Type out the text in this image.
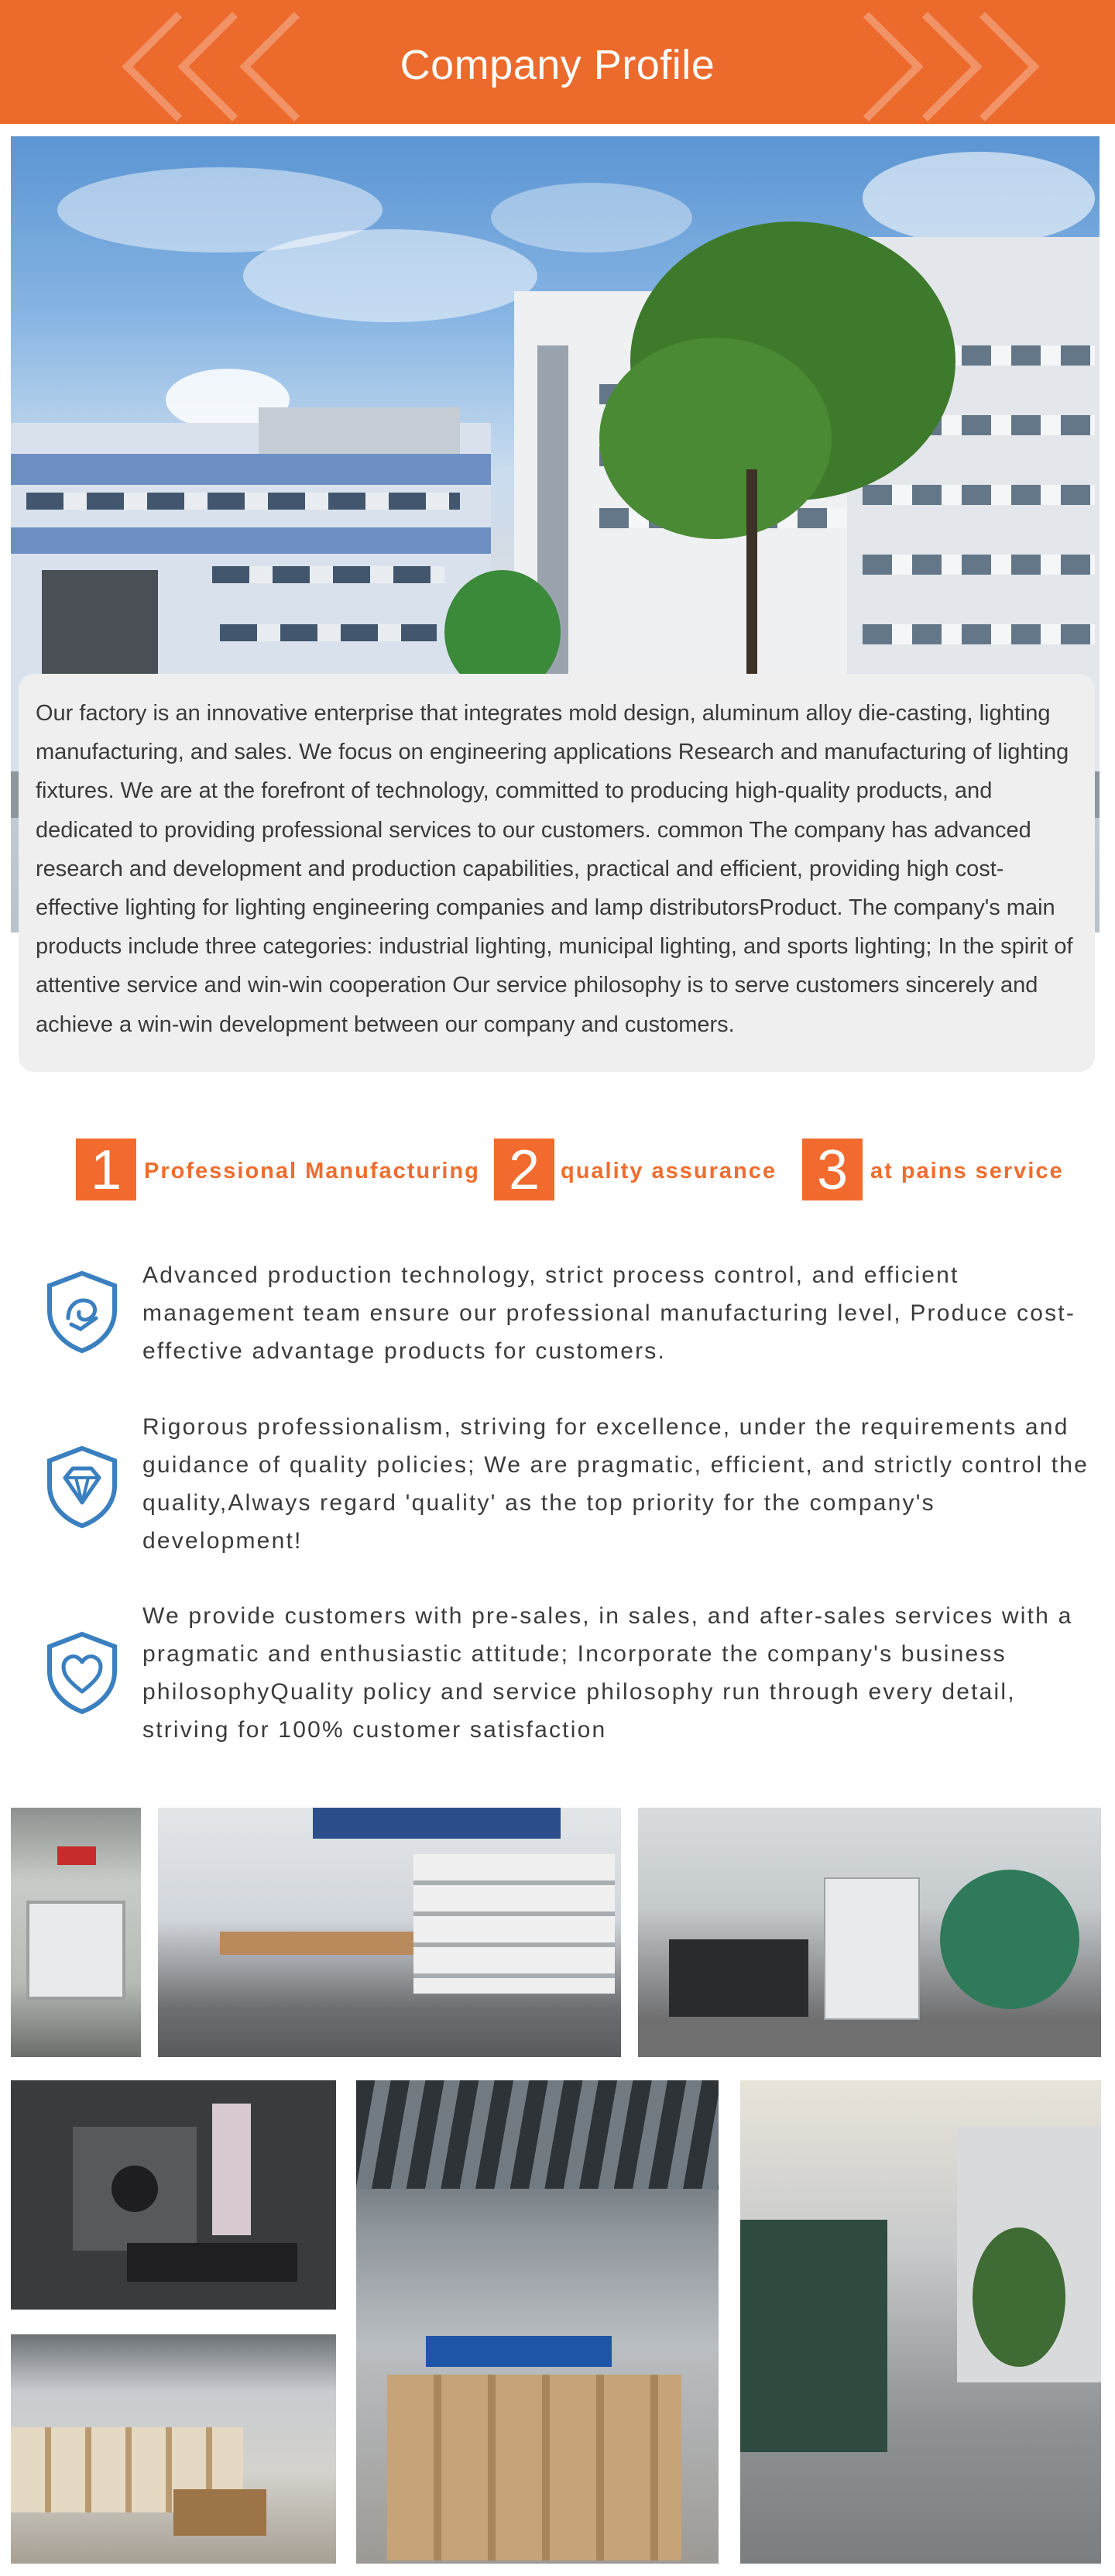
Company Profile

Our factory is an innovative enterprise that integrates mold design, aluminum alloy die-casting, lighting manufacturing, and sales. We focus on engineering applications Research and manufacturing of lighting fixtures. We are at the forefront of technology, committed to producing high-quality products, and dedicated to providing professional services to our customers. common The company has advanced research and development and production capabilities, practical and efficient, providing high cost-effective lighting for lighting engineering companies and lamp distributorsProduct. The company's main products include three categories: industrial lighting, municipal lighting, and sports lighting; In the spirit of attentive service and win-win cooperation Our service philosophy is to serve customers sincerely and achieve a win-win development between our company and customers.

1 Professional Manufacturing 2 quality assurance 3 at pains service

Advanced production technology, strict process control, and efficient management team ensure our professional manufacturing level, Produce cost-effective advantage products for customers.

Rigorous professionalism, striving for excellence, under the requirements and guidance of quality policies; We are pragmatic, efficient, and strictly control the quality,Always regard 'quality' as the top priority for the company's development!

We provide customers with pre-sales, in sales, and after-sales services with a pragmatic and enthusiastic attitude; Incorporate the company's business philosophyQuality policy and service philosophy run through every detail, striving for 100% customer satisfaction
